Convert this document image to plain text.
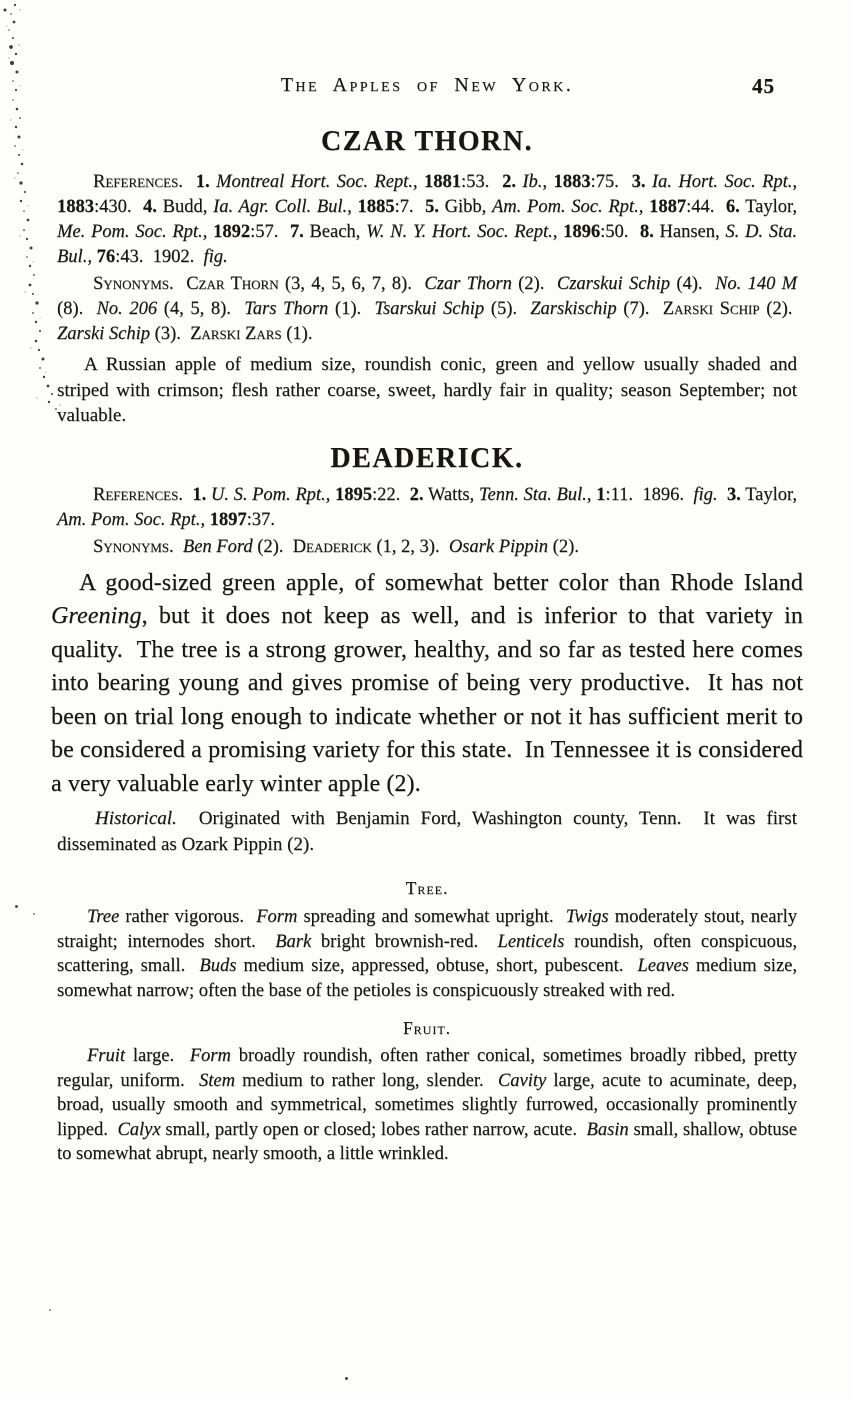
The Apples of New York.	45
CZAR THORN.

References. 1. Montreal Hort. Soc. Rept., 1881:53.  2. Ib., 1883:75.  3. Ia. Hort. Soc. Rpt., 1883:430.  4. Budd, Ia. Agr. Coll. Bul., 1885:7.  5. Gibb, Am. Pom. Soc. Rpt., 1887:44.  6. Taylor, Me. Pom. Soc. Rpt., 1892:57.  7. Beach, W. N. Y. Hort. Soc. Rept., 1896:50.  8. Hansen, S. D. Sta. Bul., 76:43.  1902.  fig.

Synonyms. Czar Thorn (3, 4, 5, 6, 7, 8).  Czar Thorn (2).  Czarskui Schip (4).  No. 140 M (8).  No. 206 (4, 5, 8).  Tars Thorn (1).  Tsarskui Schip (5).  Zarskischip (7).  Zarski Schip (2).  Zarski Schip (3).  Zarski Zars (1).

A Russian apple of medium size, roundish conic, green and yellow usually shaded and striped with crimson; flesh rather coarse, sweet, hardly fair in quality; season September; not valuable.

DEADERICK.

References. 1. U. S. Pom. Rpt., 1895:22.  2. Watts, Tenn. Sta. Bul., 1:11.  1896.  fig. 3. Taylor, Am. Pom. Soc. Rpt., 1897:37.

Synonyms. Ben Ford (2).  Deaderick (1, 2, 3).  Osark Pippin (2).

A good-sized green apple, of somewhat better color than Rhode Island Greening, but it does not keep as well, and is inferior to that variety in quality.  The tree is a strong grower, healthy, and so far as tested here comes into bearing young and gives promise of being very productive.  It has not been on trial long enough to indicate whether or not it has sufficient merit to be considered a promising variety for this state.  In Tennessee it is considered a very valuable early winter apple (2).

Historical.  Originated with Benjamin Ford, Washington county, Tenn.  It was first disseminated as Ozark Pippin (2).

Tree.

Tree rather vigorous.  Form spreading and somewhat upright.  Twigs moderately stout, nearly straight; internodes short.  Bark bright brownish-red.  Lenticels roundish, often conspicuous, scattering, small.  Buds medium size, appressed, obtuse, short, pubescent.  Leaves medium size, somewhat narrow; often the base of the petioles is conspicuously streaked with red.

Fruit.

Fruit large.  Form broadly roundish, often rather conical, sometimes broadly ribbed, pretty regular, uniform.  Stem medium to rather long, slender.  Cavity large, acute to acuminate, deep, broad, usually smooth and symmetrical, sometimes slightly furrowed, occasionally prominently lipped.  Calyx small, partly open or closed; lobes rather narrow, acute.  Basin small, shallow, obtuse to somewhat abrupt, nearly smooth, a little wrinkled.
